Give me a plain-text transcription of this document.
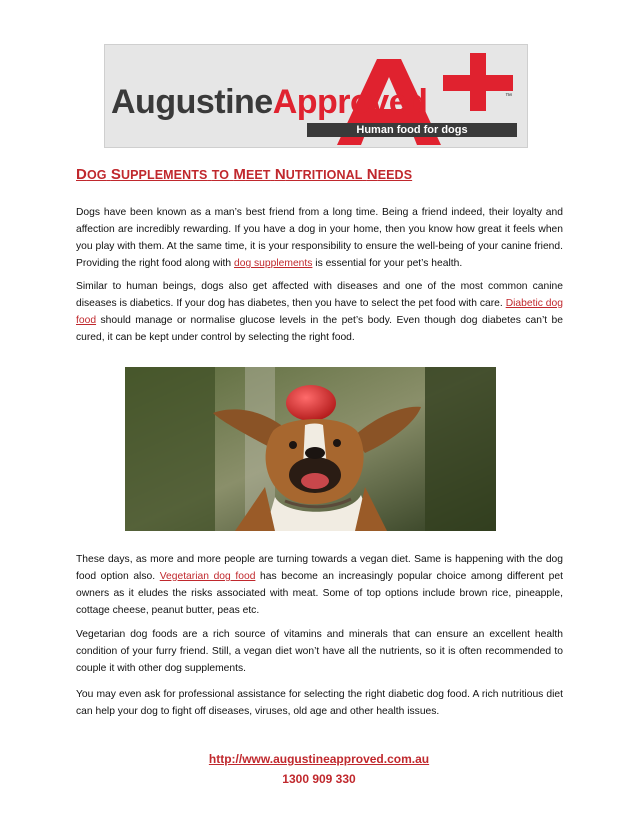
AugustineApproved	™
Human food for dogs
DOG SUPPLEMENTS TO MEET NUTRITIONAL NEEDS

Dogs have been known as a man’s best friend from a long time. Being a friend indeed, their loyalty and affection are incredibly rewarding. If you have a dog in your home, then you know how great it feels when you play with them. At the same time, it is your responsibility to ensure the well-being of your canine friend. Providing the right food along with dog supplements is essential for your pet’s health.

Similar to human beings, dogs also get affected with diseases and one of the most common canine diseases is diabetics. If your dog has diabetes, then you have to select the pet food with care. Diabetic dog food should manage or normalise glucose levels in the pet’s body. Even though dog diabetes can’t be cured, it can be kept under control by selecting the right food.

These days, as more and more people are turning towards a vegan diet. Same is happening with the dog food option also. Vegetarian dog food has become an increasingly popular choice among different pet owners as it eludes the risks associated with meat. Some of top options include brown rice, pineapple, cottage cheese, peanut butter, peas etc.

Vegetarian dog foods are a rich source of vitamins and minerals that can ensure an excellent health condition of your furry friend. Still, a vegan diet won’t have all the nutrients, so it is often recommended to couple it with other dog supplements.

You may even ask for professional assistance for selecting the right diabetic dog food. A rich nutritious diet can help your dog to fight off diseases, viruses, old age and other health issues.

http://www.augustineapproved.com.au
1300 909 330
